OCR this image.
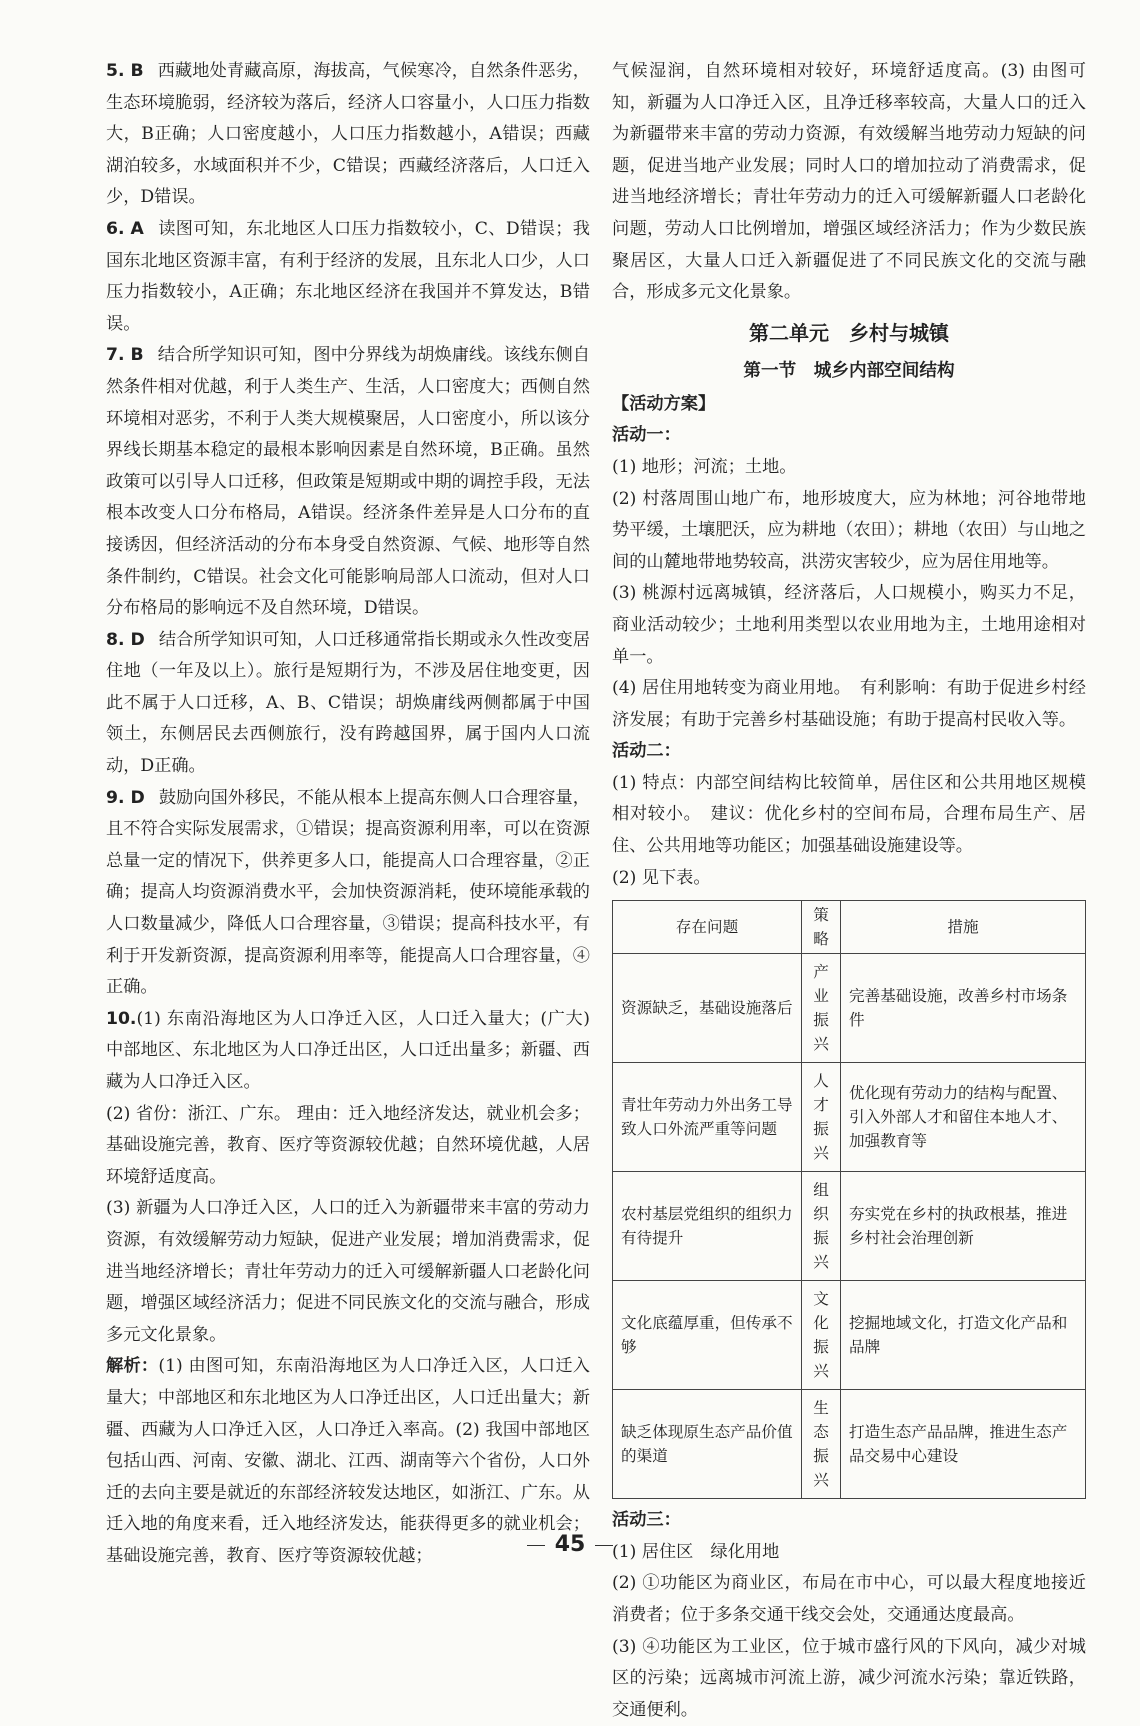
5. B 西藏地处青藏高原，海拔高，气候寒冷，自然条件恶劣，生态环境脆弱，经济较为落后，经济人口容量小，人口压力指数大，B正确；人口密度越小，人口压力指数越小，A错误；西藏湖泊较多，水域面积并不少，C错误；西藏经济落后，人口迁入少，D错误。

6. A 读图可知，东北地区人口压力指数较小，C、D错误；我国东北地区资源丰富，有利于经济的发展，且东北人口少，人口压力指数较小，A正确；东北地区经济在我国并不算发达，B错误。

7. B 结合所学知识可知，图中分界线为胡焕庸线。该线东侧自然条件相对优越，利于人类生产、生活，人口密度大；西侧自然环境相对恶劣，不利于人类大规模聚居，人口密度小，所以该分界线长期基本稳定的最根本影响因素是自然环境，B正确。虽然政策可以引导人口迁移，但政策是短期或中期的调控手段，无法根本改变人口分布格局，A错误。经济条件差异是人口分布的直接诱因，但经济活动的分布本身受自然资源、气候、地形等自然条件制约，C错误。社会文化可能影响局部人口流动，但对人口分布格局的影响远不及自然环境，D错误。

8. D 结合所学知识可知，人口迁移通常指长期或永久性改变居住地（一年及以上）。旅行是短期行为，不涉及居住地变更，因此不属于人口迁移，A、B、C错误；胡焕庸线两侧都属于中国领土，东侧居民去西侧旅行，没有跨越国界，属于国内人口流动，D正确。

9. D 鼓励向国外移民，不能从根本上提高东侧人口合理容量，且不符合实际发展需求，①错误；提高资源利用率，可以在资源总量一定的情况下，供养更多人口，能提高人口合理容量，②正确；提高人均资源消费水平，会加快资源消耗，使环境能承载的人口数量减少，降低人口合理容量，③错误；提高科技水平，有利于开发新资源，提高资源利用率等，能提高人口合理容量，④正确。

10.(1) 东南沿海地区为人口净迁入区，人口迁入量大；(广大)中部地区、东北地区为人口净迁出区，人口迁出量多；新疆、西藏为人口净迁入区。

(2) 省份：浙江、广东。 理由：迁入地经济发达，就业机会多；基础设施完善，教育、医疗等资源较优越；自然环境优越，人居环境舒适度高。

(3) 新疆为人口净迁入区，人口的迁入为新疆带来丰富的劳动力资源，有效缓解劳动力短缺，促进产业发展；增加消费需求，促进当地经济增长；青壮年劳动力的迁入可缓解新疆人口老龄化问题，增强区域经济活力；促进不同民族文化的交流与融合，形成多元文化景象。

解析：(1) 由图可知，东南沿海地区为人口净迁入区，人口迁入量大；中部地区和东北地区为人口净迁出区，人口迁出量大；新疆、西藏为人口净迁入区，人口净迁入率高。(2) 我国中部地区包括山西、河南、安徽、湖北、江西、湖南等六个省份，人口外迁的去向主要是就近的东部经济较发达地区，如浙江、广东。从迁入地的角度来看，迁入地经济发达，能获得更多的就业机会；基础设施完善，教育、医疗等资源较优越；

气候湿润，自然环境相对较好，环境舒适度高。(3) 由图可知，新疆为人口净迁入区，且净迁移率较高，大量人口的迁入为新疆带来丰富的劳动力资源，有效缓解当地劳动力短缺的问题，促进当地产业发展；同时人口的增加拉动了消费需求，促进当地经济增长；青壮年劳动力的迁入可缓解新疆人口老龄化问题，劳动人口比例增加，增强区域经济活力；作为少数民族聚居区，大量人口迁入新疆促进了不同民族文化的交流与融合，形成多元文化景象。

第二单元　乡村与城镇
第一节　城乡内部空间结构

【活动方案】

活动一：

(1) 地形；河流；土地。

(2) 村落周围山地广布，地形坡度大，应为林地；河谷地带地势平缓，土壤肥沃，应为耕地（农田）；耕地（农田）与山地之间的山麓地带地势较高，洪涝灾害较少，应为居住用地等。

(3) 桃源村远离城镇，经济落后，人口规模小，购买力不足，商业活动较少；土地利用类型以农业用地为主，土地用途相对单一。

(4) 居住用地转变为商业用地。　有利影响：有助于促进乡村经济发展；有助于完善乡村基础设施；有助于提高村民收入等。

活动二：

(1) 特点：内部空间结构比较简单，居住区和公共用地区规模相对较小。　建议：优化乡村的空间布局，合理布局生产、居住、公共用地等功能区；加强基础设施建设等。

(2) 见下表。

存在问题	策略	措施
资源缺乏，基础设施落后	产业振兴	完善基础设施，改善乡村市场条件
青壮年劳动力外出务工导致人口外流严重等问题	人才振兴	优化现有劳动力的结构与配置、引入外部人才和留住本地人才、加强教育等
农村基层党组织的组织力有待提升	组织振兴	夯实党在乡村的执政根基，推进乡村社会治理创新
文化底蕴厚重，但传承不够	文化振兴	挖掘地域文化，打造文化产品和品牌
缺乏体现原生态产品价值的渠道	生态振兴	打造生态产品品牌，推进生态产品交易中心建设

活动三：

(1) 居住区　绿化用地

(2) ①功能区为商业区，布局在市中心，可以最大程度地接近消费者；位于多条交通干线交会处，交通通达度最高。

(3) ④功能区为工业区，位于城市盛行风的下风向，减少对城区的污染；远离城市河流上游，减少河流水污染；靠近铁路，交通便利。

45
